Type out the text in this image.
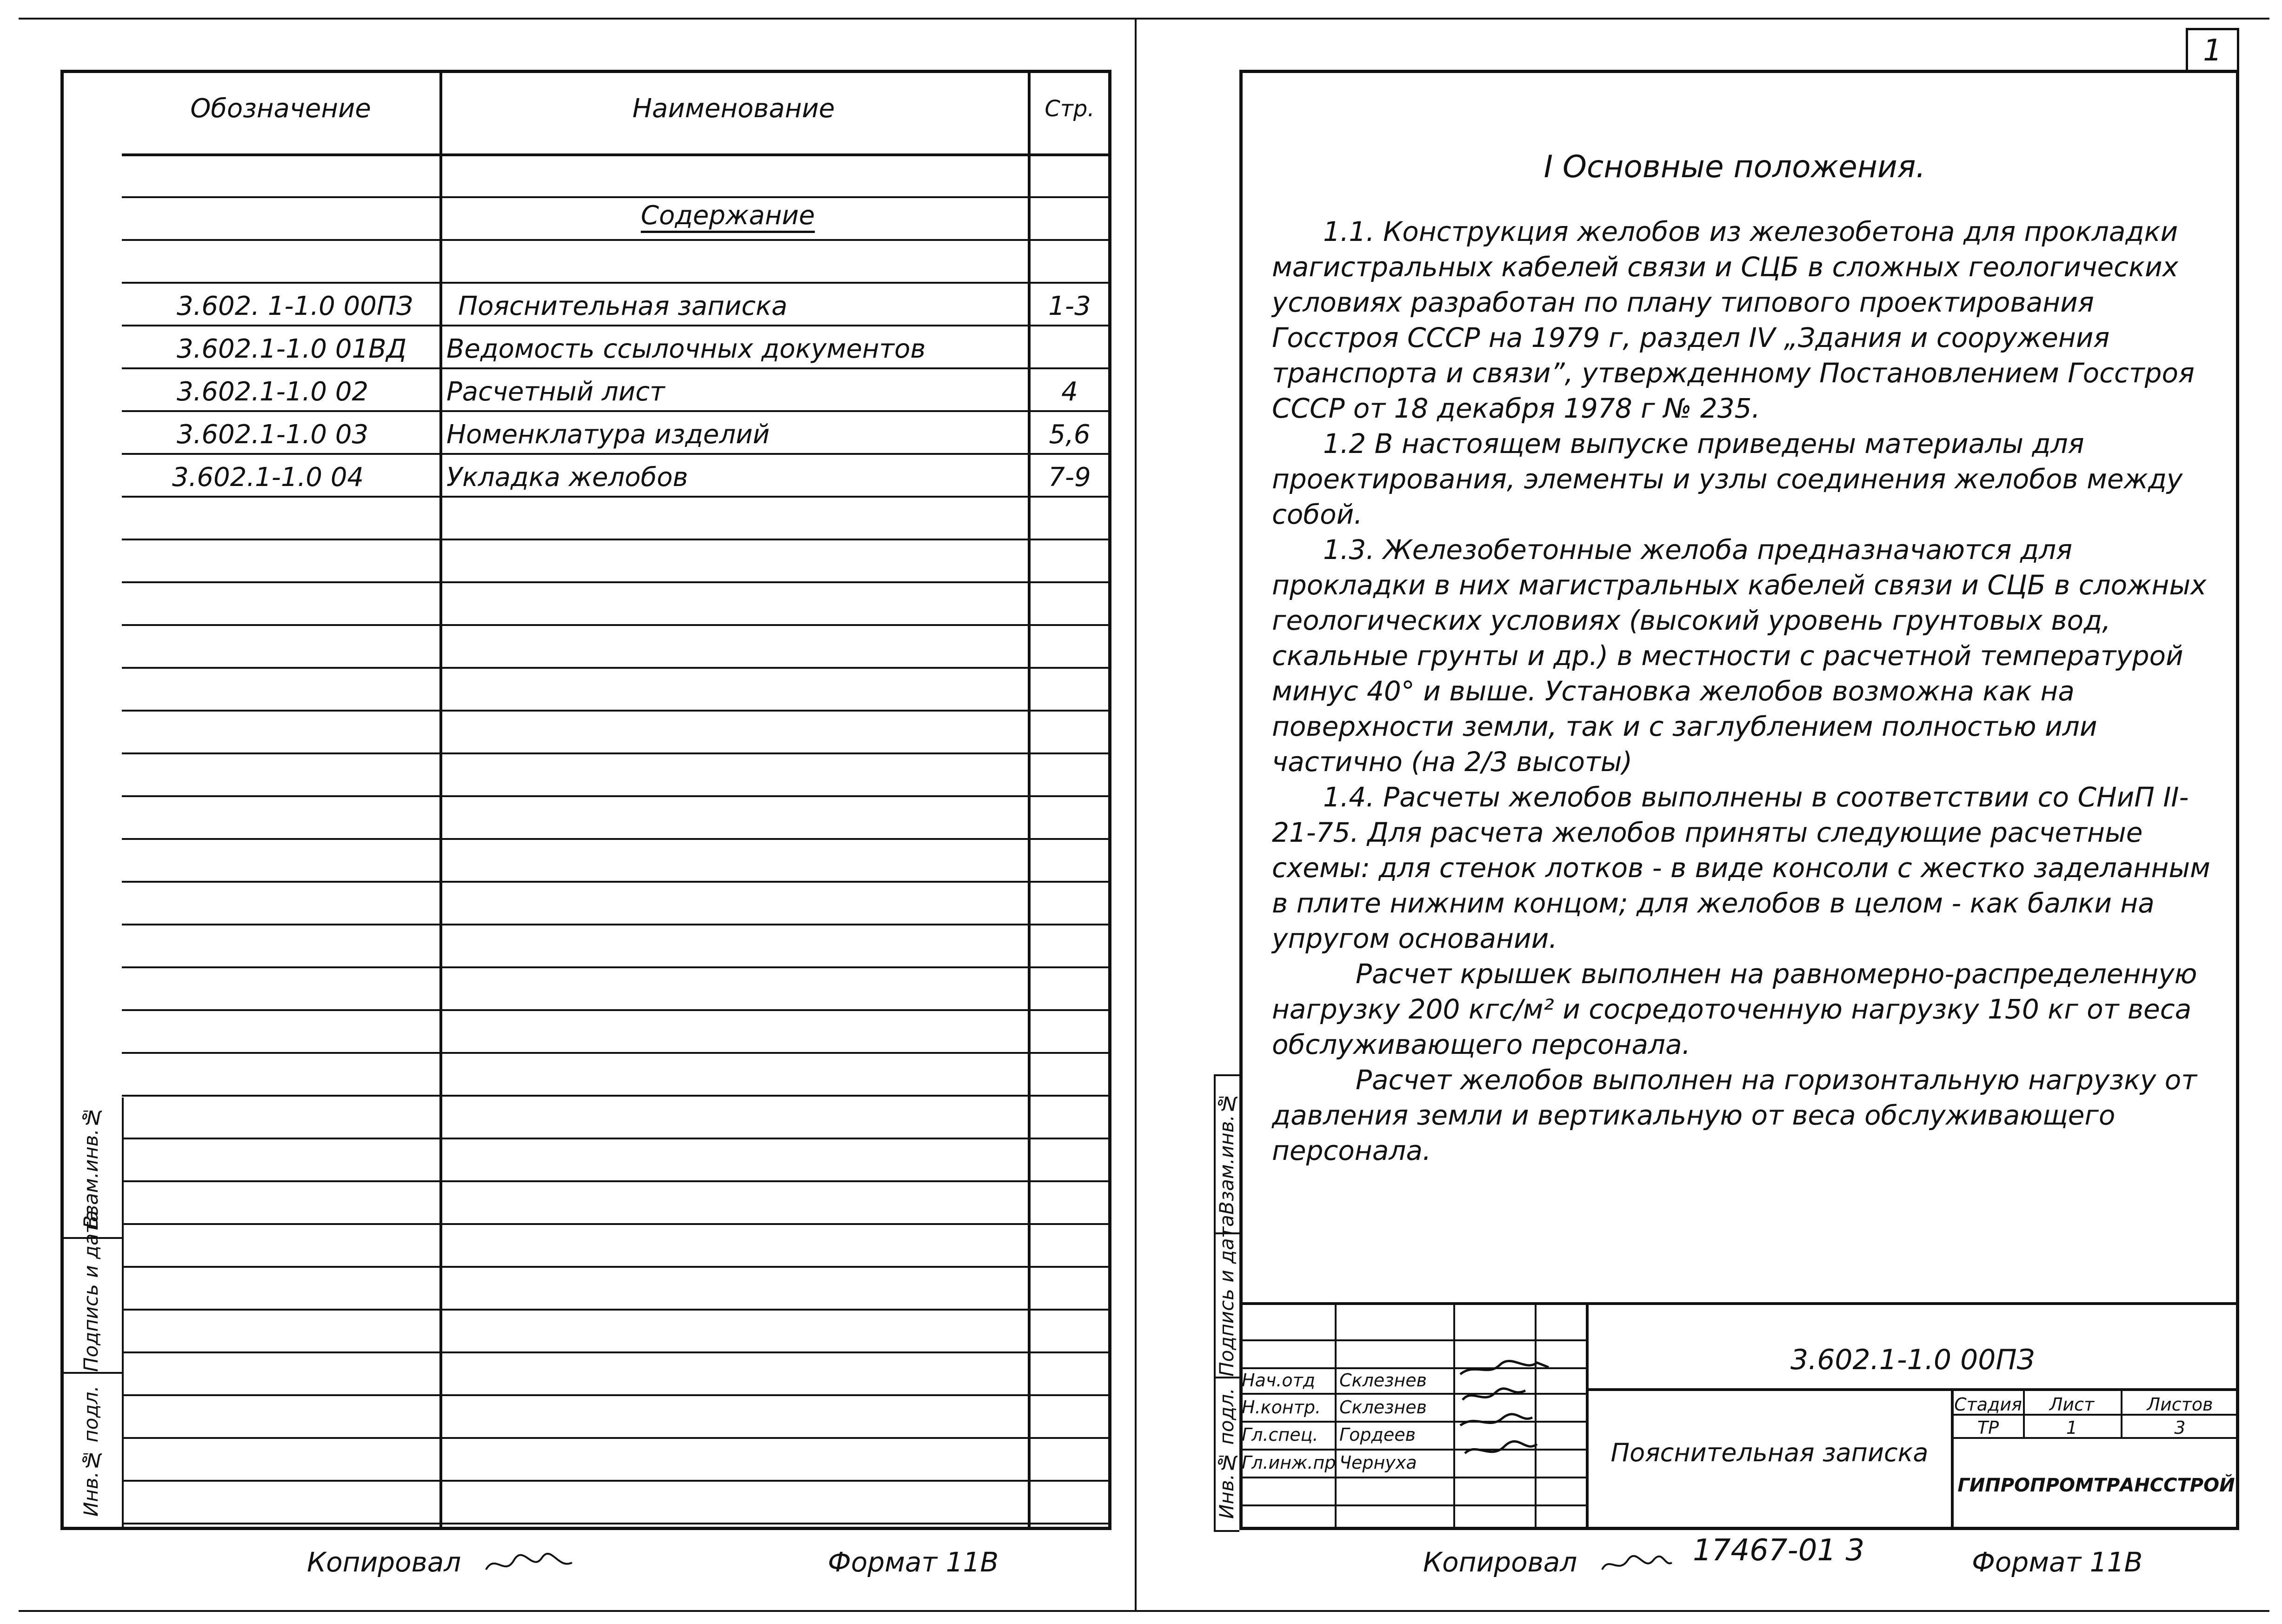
Обозначение	Наименование	Стр.
Содержание
3.602. 1-1.0 00ПЗ Пояснительная записка	1-3
3.602.1-1.0 01ВД Ведомость ссылочных документов
3.602.1-1.0 02	Расчетный лист	4
3.602.1-1.0 03	Номенклатура изделий	5,6
3.602.1-1.0 04	Укладка желобов	7-9
Инв.№ подл.
Подпись и дата
Взам.инв.№
1
Инв.№ подл.
Подпись и дата
Взам.инв.№
I Основные положения.

1.1. Конструкция желобов из железобетона для прокладки магистральных кабелей связи и СЦБ в сложных геологических условиях разработан по плану типового проектирования Госстроя СССР на 1979 г, раздел IV „Здания и сооружения транспорта и связи”, утвержденному Постановлением Госстроя СССР от 18 декабря 1978 г № 235.

1.2 В настоящем выпуске приведены материалы для проектирования, элементы и узлы соединения желобов между собой.

1.3. Железобетонные желоба предназначаются для прокладки в них магистральных кабелей связи и СЦБ в сложных геологических условиях (высокий уровень грунтовых вод, скальные грунты и др.) в местности с расчетной температурой минус 40° и выше. Установка желобов возможна как на поверхности земли, так и с заглублением полностью или частично (на 2/3 высоты)

1.4. Расчеты желобов выполнены в соответствии со СНиП II-21-75. Для расчета желобов приняты следующие расчетные схемы: для стенок лотков - в виде консоли с жестко заделанным в плите нижним концом; для желобов в целом - как балки на упругом основании.

Расчет крышек выполнен на равномерно-распределенную нагрузку 200 кгс/м² и сосредоточенную нагрузку 150 кг от веса обслуживающего персонала.

Расчет желобов выполнен на горизонтальную нагрузку от давления земли и вертикальную от веса обслуживающего персонала.

3.602.1-1.0 00ПЗ
Пояснительная записка
Нач.отд Склезнев
Н.контр. Склезнев
Гл.спец. Гордеев
Гл.инж.пр Чернуха
Стадия	Лист	Листов
ТР	1	3
ГИПРОПРОМТРАНССТРОЙ
Копировал	Формат 11В	Копировал	17467-01 3	Формат 11В
